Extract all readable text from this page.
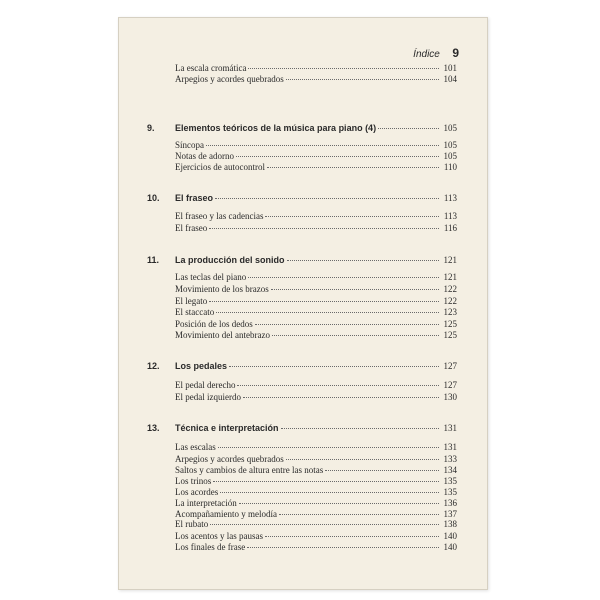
Índice 9
La escala cromática	101
Arpegios y acordes quebrados	104
9.	Elementos teóricos de la música para piano (4)	105
Síncopa	105
Notas de adorno	105
Ejercicios de autocontrol	110
10.	El fraseo	113
El fraseo y las cadencias	113
El fraseo	116
11.	La producción del sonido	121
Las teclas del piano	121
Movimiento de los brazos	122
El legato	122
El staccato	123
Posición de los dedos	125
Movimiento del antebrazo	125
12.	Los pedales	127
El pedal derecho	127
El pedal izquierdo	130
13.	Técnica e interpretación	131
Las escalas	131
Arpegios y acordes quebrados	133
Saltos y cambios de altura entre las notas	134
Los trinos	135
Los acordes	135
La interpretación	136
Acompañamiento y melodía	137
El rubato	138
Los acentos y las pausas	140
Los finales de frase	140
